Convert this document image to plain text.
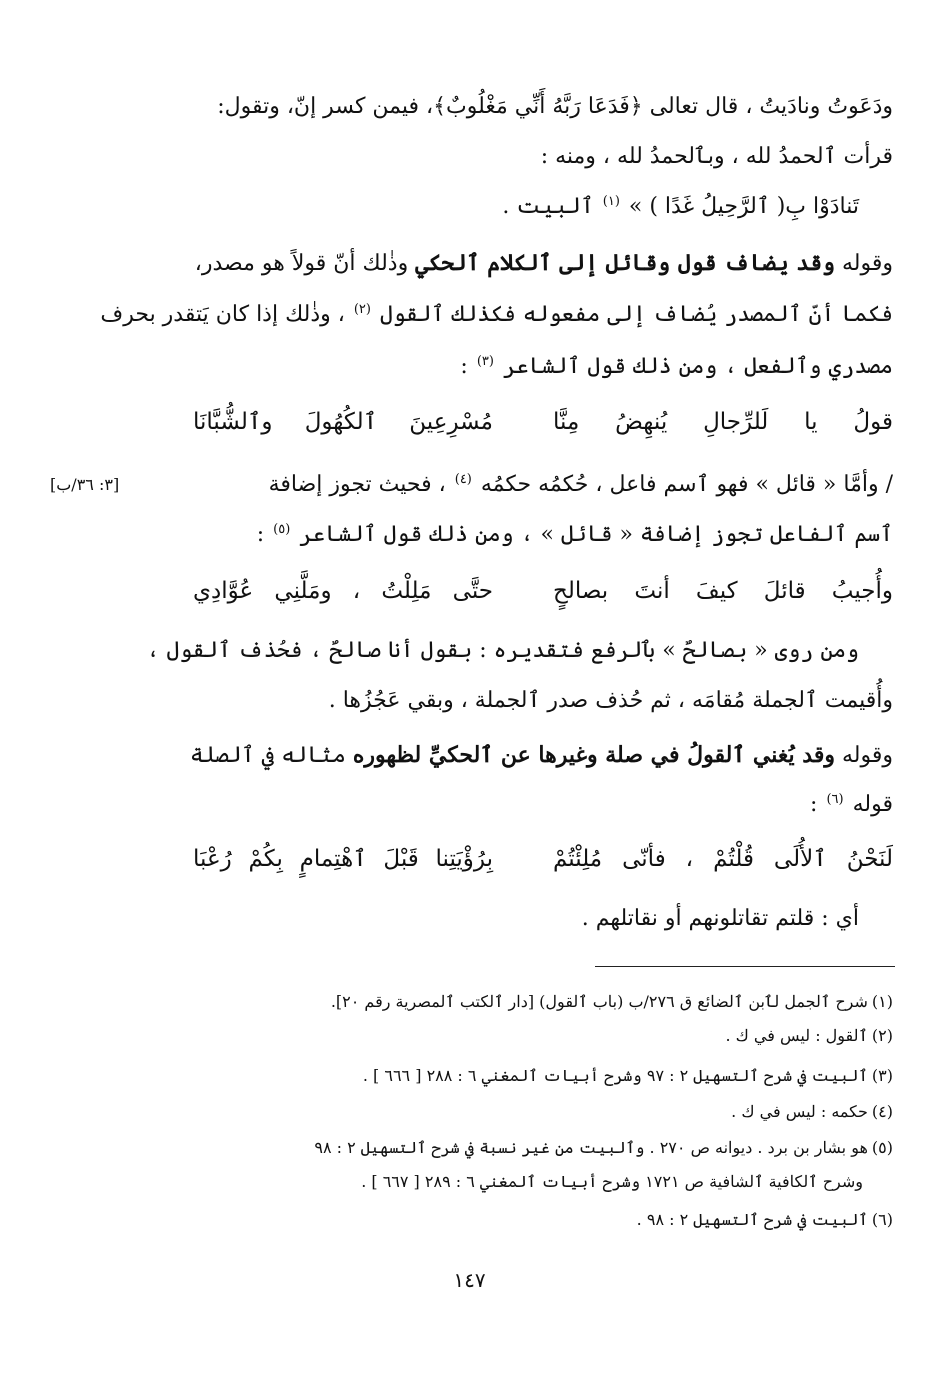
ودَعَوتُ ونادَيتُ ، قال تعالى ﴿فَدَعَا رَبَّهُ أَنِّي مَغْلُوبٌ﴾، فيمن كسر إنّ، وتقول:
قرأت ٱلحمدُ لله ، وبٱلحمدُ لله ، ومنه :
تَنادَوْا بِ( ٱلرَّحِيلُ غَدًا ) » $^{(١)}$ ٱلبيت .
وقوله وقد يضاف قول وقائل إلى ٱلكلام ٱلحكي وذٰلك أنّ قولاً هو مصدر،
فكما أنّ ٱلمصدر يُضاف إلى مفعوله فكذٰلك ٱلقول $^{(٢)}$ ، وذٰلك إذا كان يَتقدر بحرف
مصدري وٱلفعل ، ومن ذٰلك قول ٱلشاعر $^{(٣)}$ :
قولُ يا لَلرِّجالِ يُنهِضُ مِنَّا
مُسْرِعِينَ ٱلكُهُولَ وٱلشُّبَّانَا
/ وأمَّا « قائل » فهو ٱسم فاعل ، حُكمُه حكمُه $^{(٤)}$ ، فحيث تجوز إضافة
[٣: ٣٦/ب]
ٱسم ٱلفاعل تجوز إضافة « قائل » ، ومن ذٰلك قول ٱلشاعر $^{(٥)}$ :
وأُجيبُ قائلَ كيفَ أنتَ بصالحٍ
حتَّى مَلِلْتُ ، ومَلَّنِي عُوَّادِي
ومن روى « بصالحٌ » بٱلرفع فتقديره : بقول أنا صالحٌ ، فحُذف ٱلقول ،
وأُقيمت ٱلجملة مُقامَه ، ثم حُذف صدر ٱلجملة ، وبقي عَجُزُها .
وقوله وقد يُغني ٱلقولُ في صلة وغيرها عن ٱلحكيِّ لظهوره مثاله في ٱلصلة
قوله $^{(٦)}$ :
لَنَحْنُ ٱلأُلَى قُلْتُمْ ، فأنّى مُلِئْتُمْ
بِرُؤْيَتِنا قَبْلَ ٱهْتِمامٍ بِكُمْ رُعْبَا
أي : قلتم تقاتلونهم أو نقاتلهم .
(١)شرح ٱلجمل لٱبن ٱلضائع ق ٢٧٦/ب (باب ٱلقول) [دار ٱلكتب ٱلمصرية رقم ٢٠].
(٢)ٱلقول : ليس في ك .
(٣)ٱلبيت في شرح ٱلتسهيل ٢ : ٩٧ وشرح أبيات ٱلمغني ٦ : ٢٨٨ [ ٦٦٦ ] .
(٤)حكمه : ليس في ك .
(٥)هو بشار بن برد . ديوانه ص ٢٧٠ . وٱلبيت من غير نسبة في شرح ٱلتسهيل ٢ : ٩٨
وشرح ٱلكافية ٱلشافية ص ١٧٢١ وشرح أبيات ٱلمغني ٦ : ٢٨٩ [ ٦٦٧ ] .
(٦)ٱلبيت في شرح ٱلتسهيل ٢ : ٩٨ .
١٤٧
